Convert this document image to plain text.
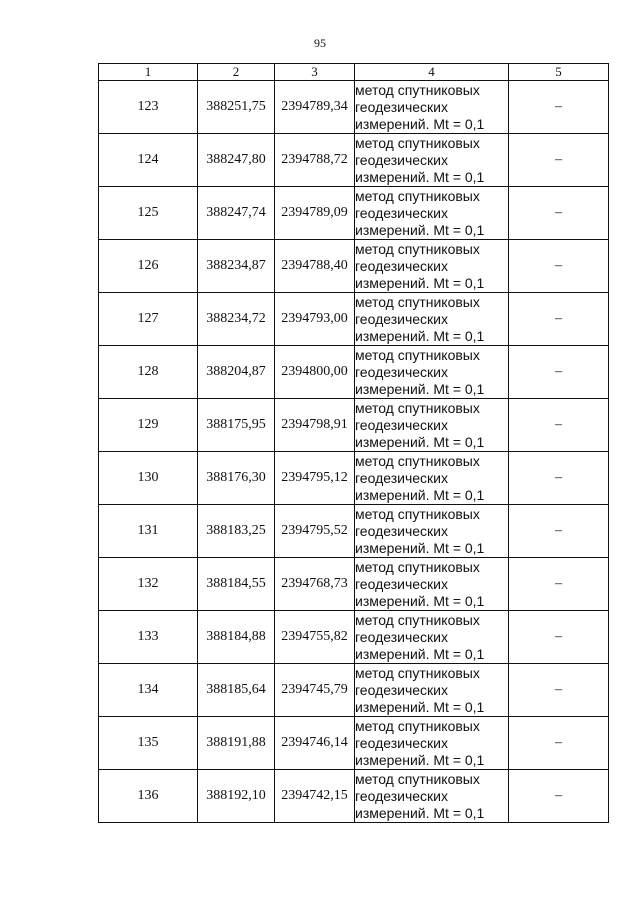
95
1	2	3	4	5
123	388251,75	2394789,34	метод спутниковых
геодезических
измерений. Mt = 0,1	–
124	388247,80	2394788,72	метод спутниковых
геодезических
измерений. Mt = 0,1	–
125	388247,74	2394789,09	метод спутниковых
геодезических
измерений. Mt = 0,1	–
126	388234,87	2394788,40	метод спутниковых
геодезических
измерений. Mt = 0,1	–
127	388234,72	2394793,00	метод спутниковых
геодезических
измерений. Mt = 0,1	–
128	388204,87	2394800,00	метод спутниковых
геодезических
измерений. Mt = 0,1	–
129	388175,95	2394798,91	метод спутниковых
геодезических
измерений. Mt = 0,1	–
130	388176,30	2394795,12	метод спутниковых
геодезических
измерений. Mt = 0,1	–
131	388183,25	2394795,52	метод спутниковых
геодезических
измерений. Mt = 0,1	–
132	388184,55	2394768,73	метод спутниковых
геодезических
измерений. Mt = 0,1	–
133	388184,88	2394755,82	метод спутниковых
геодезических
измерений. Mt = 0,1	–
134	388185,64	2394745,79	метод спутниковых
геодезических
измерений. Mt = 0,1	–
135	388191,88	2394746,14	метод спутниковых
геодезических
измерений. Mt = 0,1	–
136	388192,10	2394742,15	метод спутниковых
геодезических
измерений. Mt = 0,1	–
